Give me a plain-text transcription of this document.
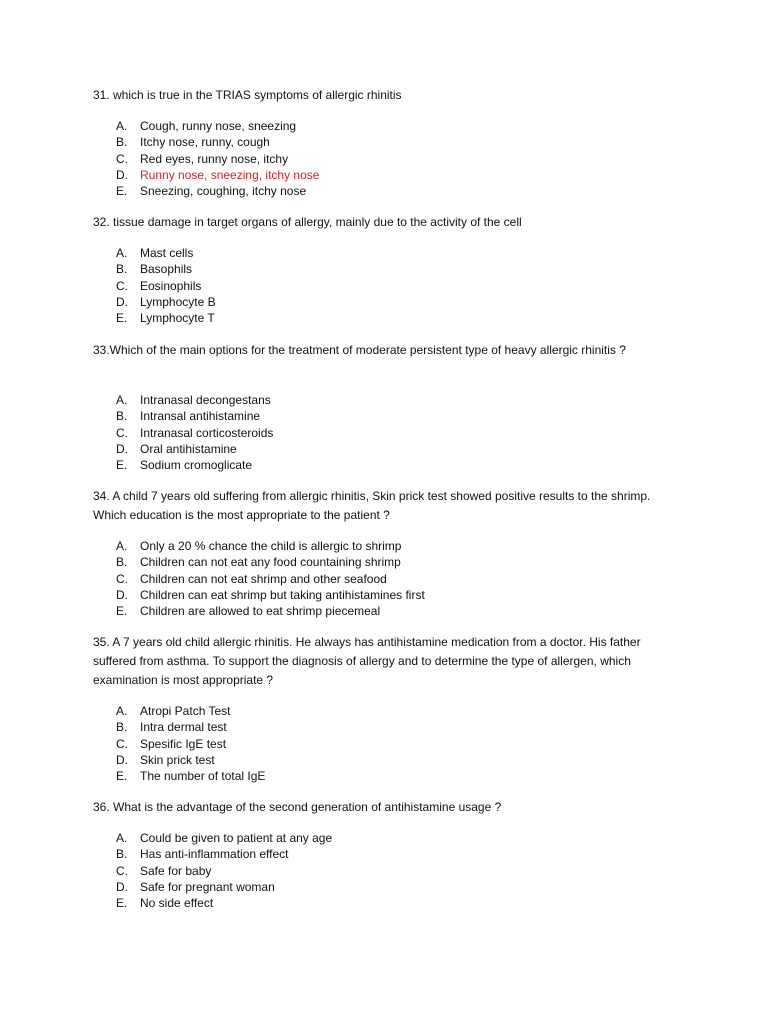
31. which is true in the TRIAS symptoms of allergic rhinitis

A.	Cough, runny nose, sneezing
B.	Itchy nose, runny, cough
C.	Red eyes, runny nose, itchy
D.	Runny nose, sneezing, itchy nose
E.	Sneezing, coughing, itchy nose

32. tissue damage in target organs of allergy, mainly due to the activity of the cell

A.	Mast cells
B.	Basophils
C.	Eosinophils
D.	Lymphocyte B
E.	Lymphocyte T

33.Which of the main options for the treatment of moderate persistent type of heavy allergic rhinitis ?

A.	Intranasal decongestans
B.	Intransal antihistamine
C.	Intranasal corticosteroids
D.	Oral antihistamine
E.	Sodium cromoglicate

34. A child 7 years old suffering from allergic rhinitis, Skin prick test showed positive results to the shrimp. Which education is the most appropriate to the patient ?

A.	Only a 20 % chance the child is allergic to shrimp
B.	Children can not eat any food countaining shrimp
C.	Children can not eat shrimp and other seafood
D.	Children can eat shrimp but taking antihistamines first
E.	Children are allowed to eat shrimp piecemeal

35. A 7 years old child allergic rhinitis. He always has antihistamine medication from a doctor. His father suffered from asthma. To support the diagnosis of allergy and to determine the type of allergen, which examination is most appropriate ?

A.	Atropi Patch Test
B.	Intra dermal test
C.	Spesific IgE test
D.	Skin prick test
E.	The number of total IgE

36. What is the advantage of the second generation of antihistamine usage ?

A.	Could be given to patient at any age
B.	Has anti-inflammation effect
C.	Safe for baby
D.	Safe for pregnant woman
E.	No side effect
